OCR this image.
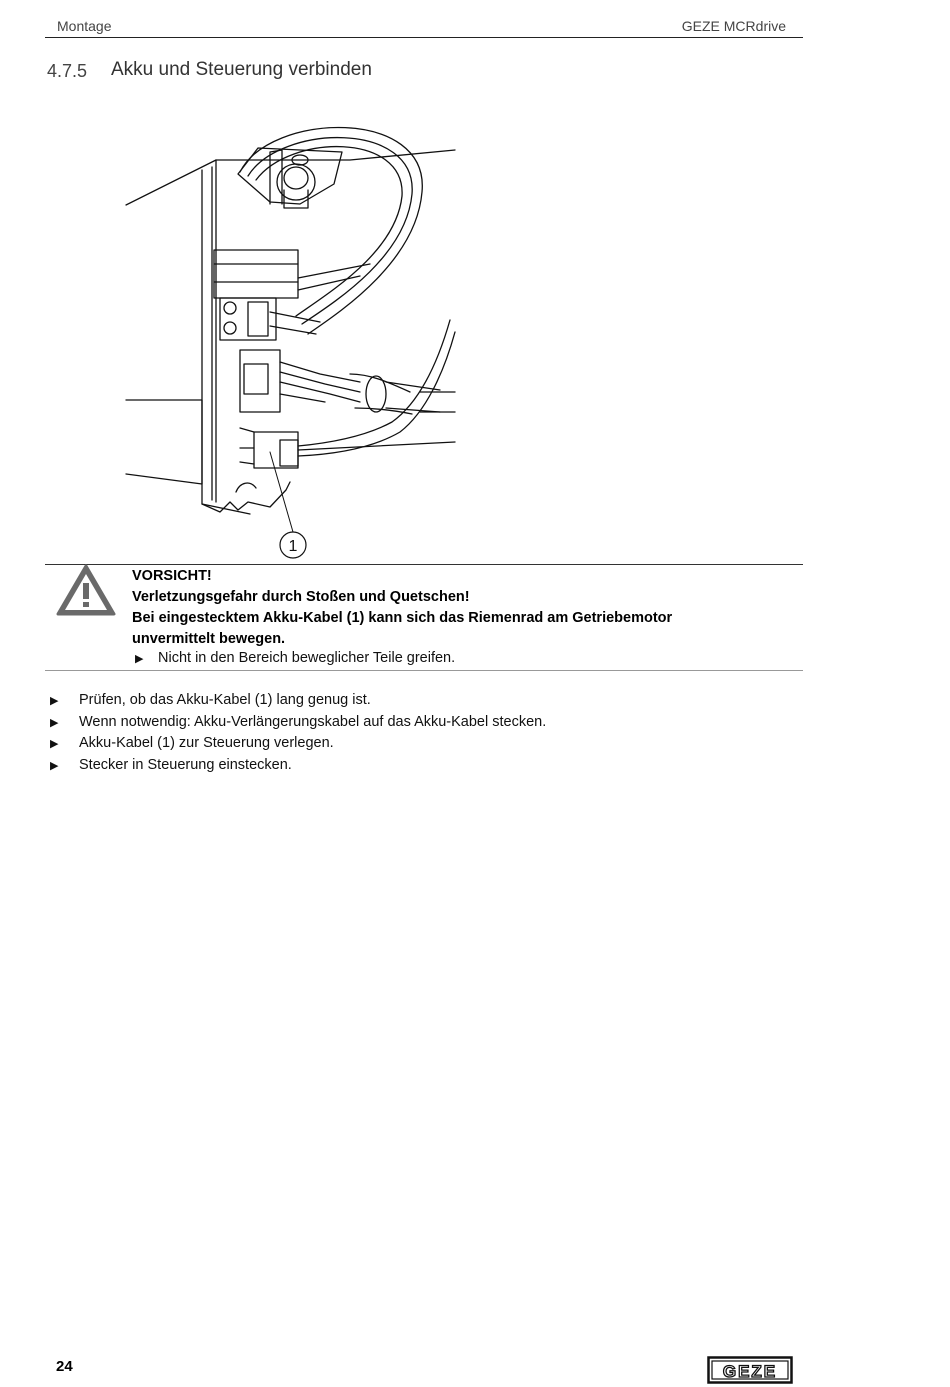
Montage	GEZE MCRdrive
4.7.5 Akku und Steuerung verbinden
1
VORSICHT!
Verletzungsgefahr durch Stoßen und Quetschen!
Bei eingestecktem Akku-Kabel (1) kann sich das Riemenrad am Getriebemotor
unvermittelt bewegen.
▶ Nicht in den Bereich beweglicher Teile greifen.
▶ Prüfen, ob das Akku-Kabel (1) lang genug ist.
▶ Wenn notwendig: Akku-Verlängerungskabel auf das Akku-Kabel stecken.
▶ Akku-Kabel (1) zur Steuerung verlegen.
▶ Stecker in Steuerung einstecken.
24	GEZE
